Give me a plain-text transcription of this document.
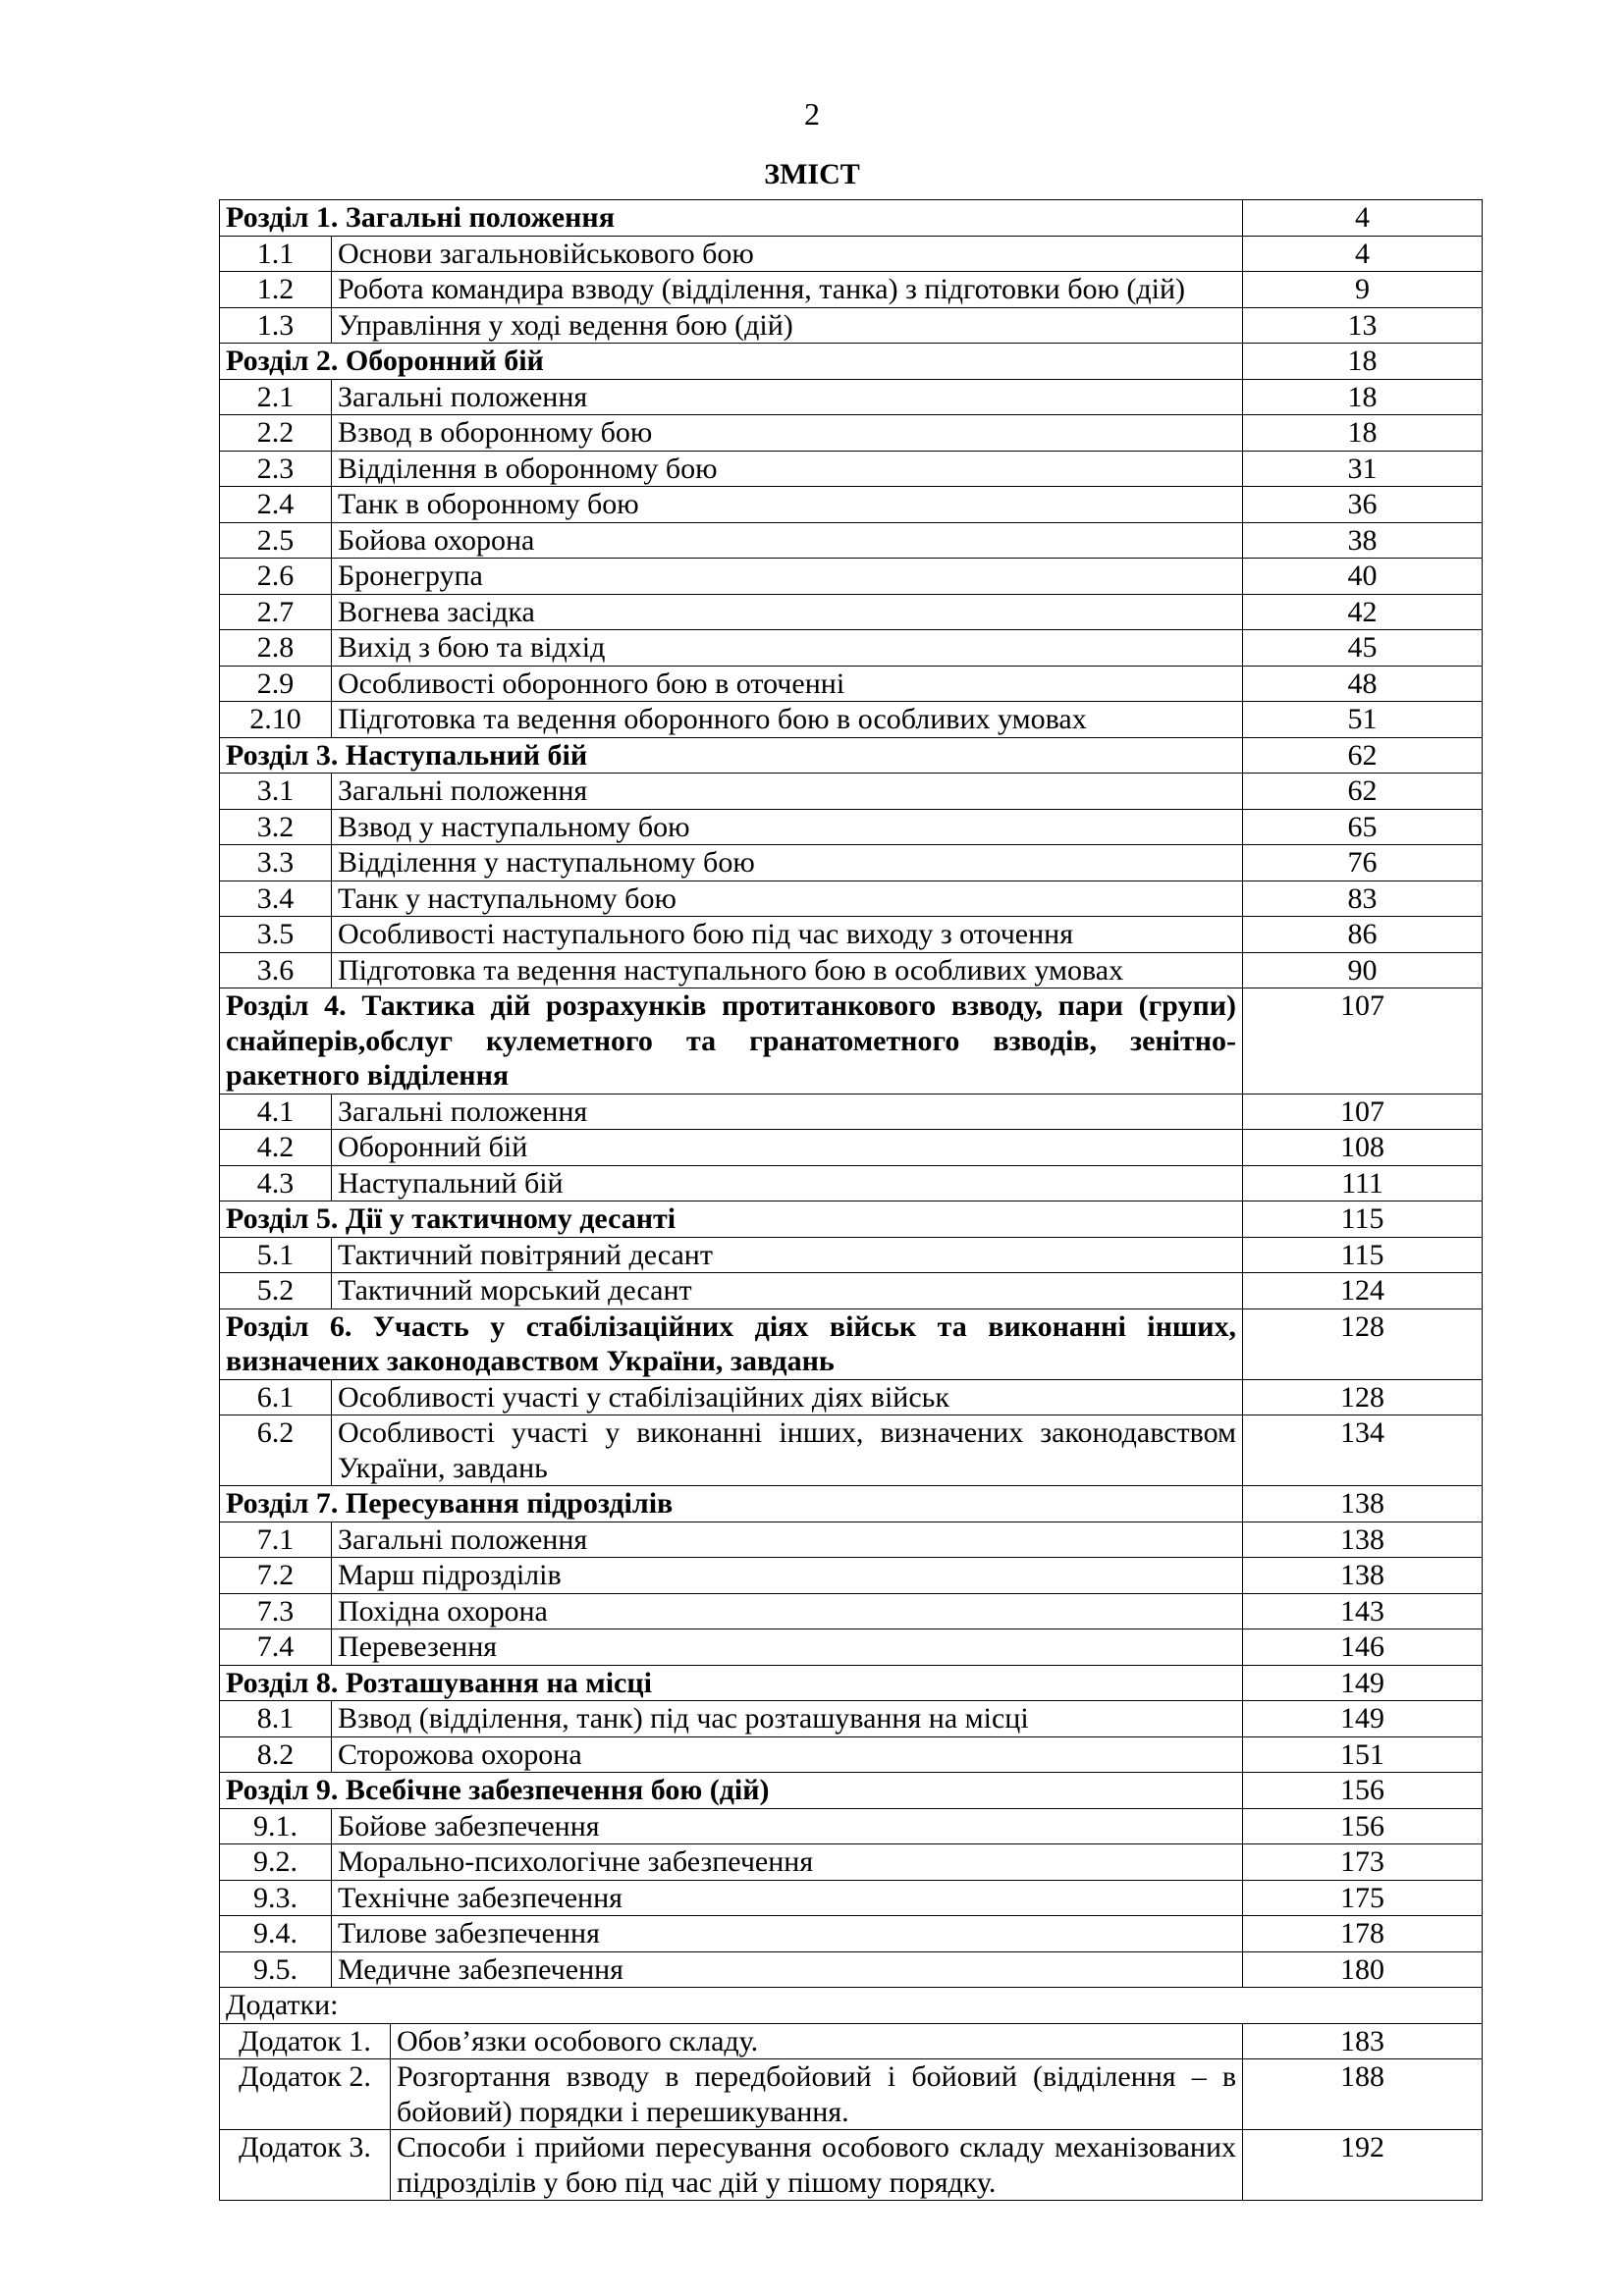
2
ЗМІСТ
Розділ 1. Загальні положення			4
1.1	Основи загальновійськового бою		4
1.2	Робота командира взводу (відділення, танка) з підготовки бою (дій)		9
1.3	Управління у ході ведення бою (дій)		13
Розділ 2. Оборонний бій			18
2.1	Загальні положення		18
2.2	Взвод в оборонному бою		18
2.3	Відділення в оборонному бою		31
2.4	Танк в оборонному бою		36
2.5	Бойова охорона		38
2.6	Бронегрупа		40
2.7	Вогнева засідка		42
2.8	Вихід з бою та відхід		45
2.9	Особливості оборонного бою в оточенні		48
2.10	Підготовка та ведення оборонного бою в особливих умовах		51
Розділ 3. Наступальний бій			62
3.1	Загальні положення		62
3.2	Взвод у наступальному бою		65
3.3	Відділення у наступальному бою		76
3.4	Танк у наступальному бою		83
3.5	Особливості наступального бою під час виходу з оточення		86
3.6	Підготовка та ведення наступального бою в особливих умовах		90
Розділ 4. Тактика дій розрахунків протитанкового взводу, пари (групи) снайперів,обслуг кулеметного та гранатометного взводів, зенітно-ракетного відділення			107
4.1	Загальні положення		107
4.2	Оборонний бій		108
4.3	Наступальний бій		111
Розділ 5. Дії у тактичному десанті			115
5.1	Тактичний повітряний десант		115
5.2	Тактичний морський десант		124
Розділ 6. Участь у стабілізаційних діях військ та виконанні інших, визначених законодавством України, завдань			128
6.1	Особливості участі у стабілізаційних діях військ		128
6.2	Особливості участі у виконанні інших, визначених законодавством України, завдань		134
Розділ 7. Пересування підрозділів			138
7.1	Загальні положення		138
7.2	Марш підрозділів		138
7.3	Похідна охорона		143
7.4	Перевезення		146
Розділ 8. Розташування на місці			149
8.1	Взвод (відділення, танк) під час розташування на місці		149
8.2	Сторожова охорона		151
Розділ 9. Всебічне забезпечення бою (дій)			156
9.1.	Бойове забезпечення		156
9.2.	Морально-психологічне забезпечення		173
9.3.	Технічне забезпечення		175
9.4.	Тилове забезпечення		178
9.5.	Медичне забезпечення		180
Додатки:			
Додаток 1.		Обов’язки особового складу.	183
Додаток 2.		Розгортання взводу в передбойовий і бойовий (відділення – в бойовий) порядки і перешикування.	188
Додаток 3.		Способи і прийоми пересування особового складу механізованих підрозділів у бою під час дій у пішому порядку.	192
